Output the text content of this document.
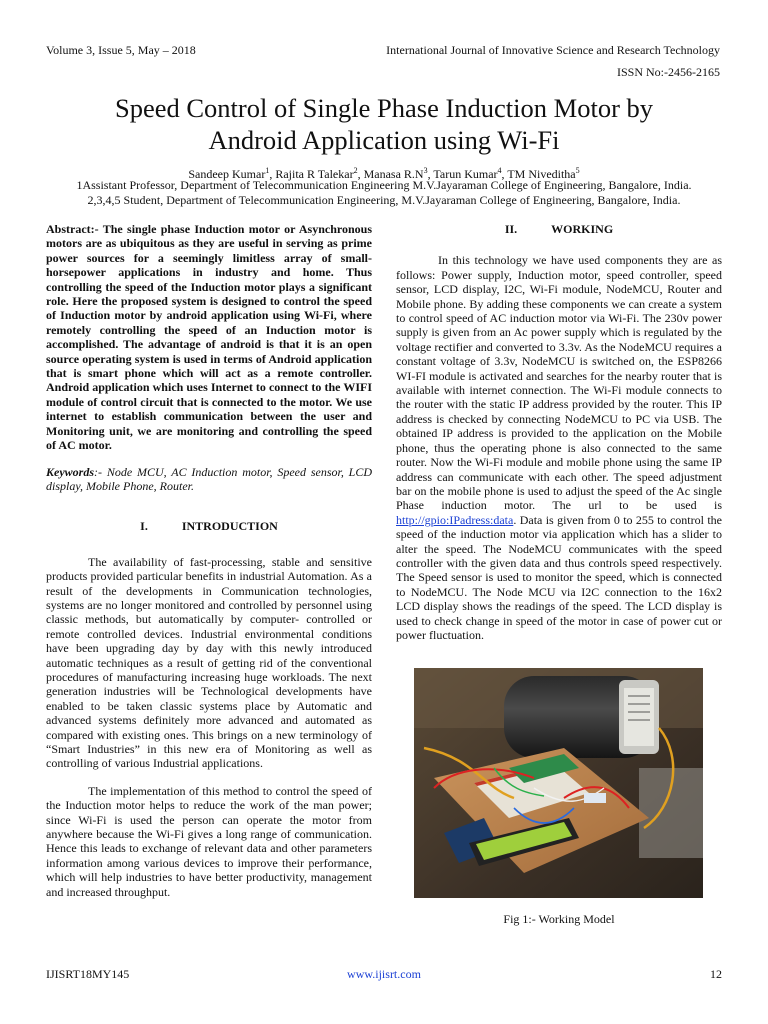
Volume 3, Issue 5, May – 2018	International Journal of Innovative Science and Research Technology
ISSN No:-2456-2165
Speed Control of Single Phase Induction Motor by
Android Application using Wi-Fi
Sandeep Kumar$^1$, Rajita R Talekar$^2$, Manasa $R.N^3$, Tarun Kumar$^4$, TM Niveditha$^5$
1Assistant Professor, Department of Telecommunication Engineering M.V.Jayaraman College of Engineering, Bangalore, India.
2,3,4,5 Student, Department of Telecommunication Engineering, M.V.Jayaraman College of Engineering, Bangalore, India.

Abstract:- The single phase Induction motor or Asynchronous motors are as ubiquitous as they are useful in serving as prime power sources for a seemingly limitless array of small-horsepower applications in industry and home. Thus controlling the speed of the Induction motor plays a significant role. Here the proposed system is designed to control the speed of Induction motor by android application using Wi-Fi, where remotely controlling the speed of an Induction motor is accomplished. The advantage of android is that it is an open source operating system is used in terms of Android application that is smart phone which will act as a remote controller. Android application which uses Internet to connect to the WIFI module of control circuit that is connected to the motor. We use internet to establish communication between the user and Monitoring unit, we are monitoring and controlling the speed of AC motor.

Keywords:- Node MCU, AC Induction motor, Speed sensor, LCD display, Mobile Phone, Router.

I.	INTRODUCTION

The availability of fast-processing, stable and sensitive products provided particular benefits in industrial Automation. As a result of the developments in Communication technologies, systems are no longer monitored and controlled by personnel using classic methods, but automatically by computer- controlled or remote controlled devices. Industrial environmental conditions have been upgrading day by day with this newly introduced automatic techniques as a result of getting rid of the conventional procedures of manufacturing increasing huge workloads. The next generation industries will be Technological developments have enabled to be taken classic systems place by Automatic and advanced systems definitely more advanced and automated as compared with existing ones. This brings on a new terminology of “Smart Industries” in this new era of Monitoring as well as controlling of various Industrial applications.

The implementation of this method to control the speed of the Induction motor helps to reduce the work of the man power; since Wi-Fi is used the person can operate the motor from anywhere because the Wi-Fi gives a long range of communication. Hence this leads to exchange of relevant data and other parameters information among various devices to improve their performance, which will help industries to have better productivity, management and increased throughput.

II.	WORKING

In this technology we have used components they are as follows: Power supply, Induction motor, speed controller, speed sensor, LCD display, I2C, Wi-Fi module, NodeMCU, Router and Mobile phone. By adding these components we can create a system to control speed of AC induction motor via Wi-Fi. The 230v power supply is given from an Ac power supply which is regulated by the voltage rectifier and converted to 3.3v. As the NodeMCU requires a constant voltage of 3.3v, NodeMCU is switched on, the ESP8266 WI-FI module is activated and searches for the nearby router that is available with internet connection. The Wi-Fi module connects to the router with the static IP address provided by the router. This IP address is checked by connecting NodeMCU to PC via USB. The obtained IP address is provided to the application on the Mobile phone, thus the operating phone is also connected to the same router. Now the Wi-Fi module and mobile phone using the same IP address can communicate with each other. The speed adjustment bar on the mobile phone is used to adjust the speed of the Ac single Phase induction motor. The url to be used is http://gpio:IPadress:data. Data is given from 0 to 255 to control the speed of the induction motor via application which has a slider to alter the speed. The NodeMCU communicates with the speed controller with the given data and thus controls speed respectively. The Speed sensor is used to monitor the speed, which is connected to NodeMCU. The Node MCU via I2C connection to the 16x2 LCD display shows the readings of the speed. The LCD display is used to check change in speed of the motor in case of power cut or power fluctuation.

Fig 1:- Working Model
IJISRT18MY145	www.ijisrt.com	12
